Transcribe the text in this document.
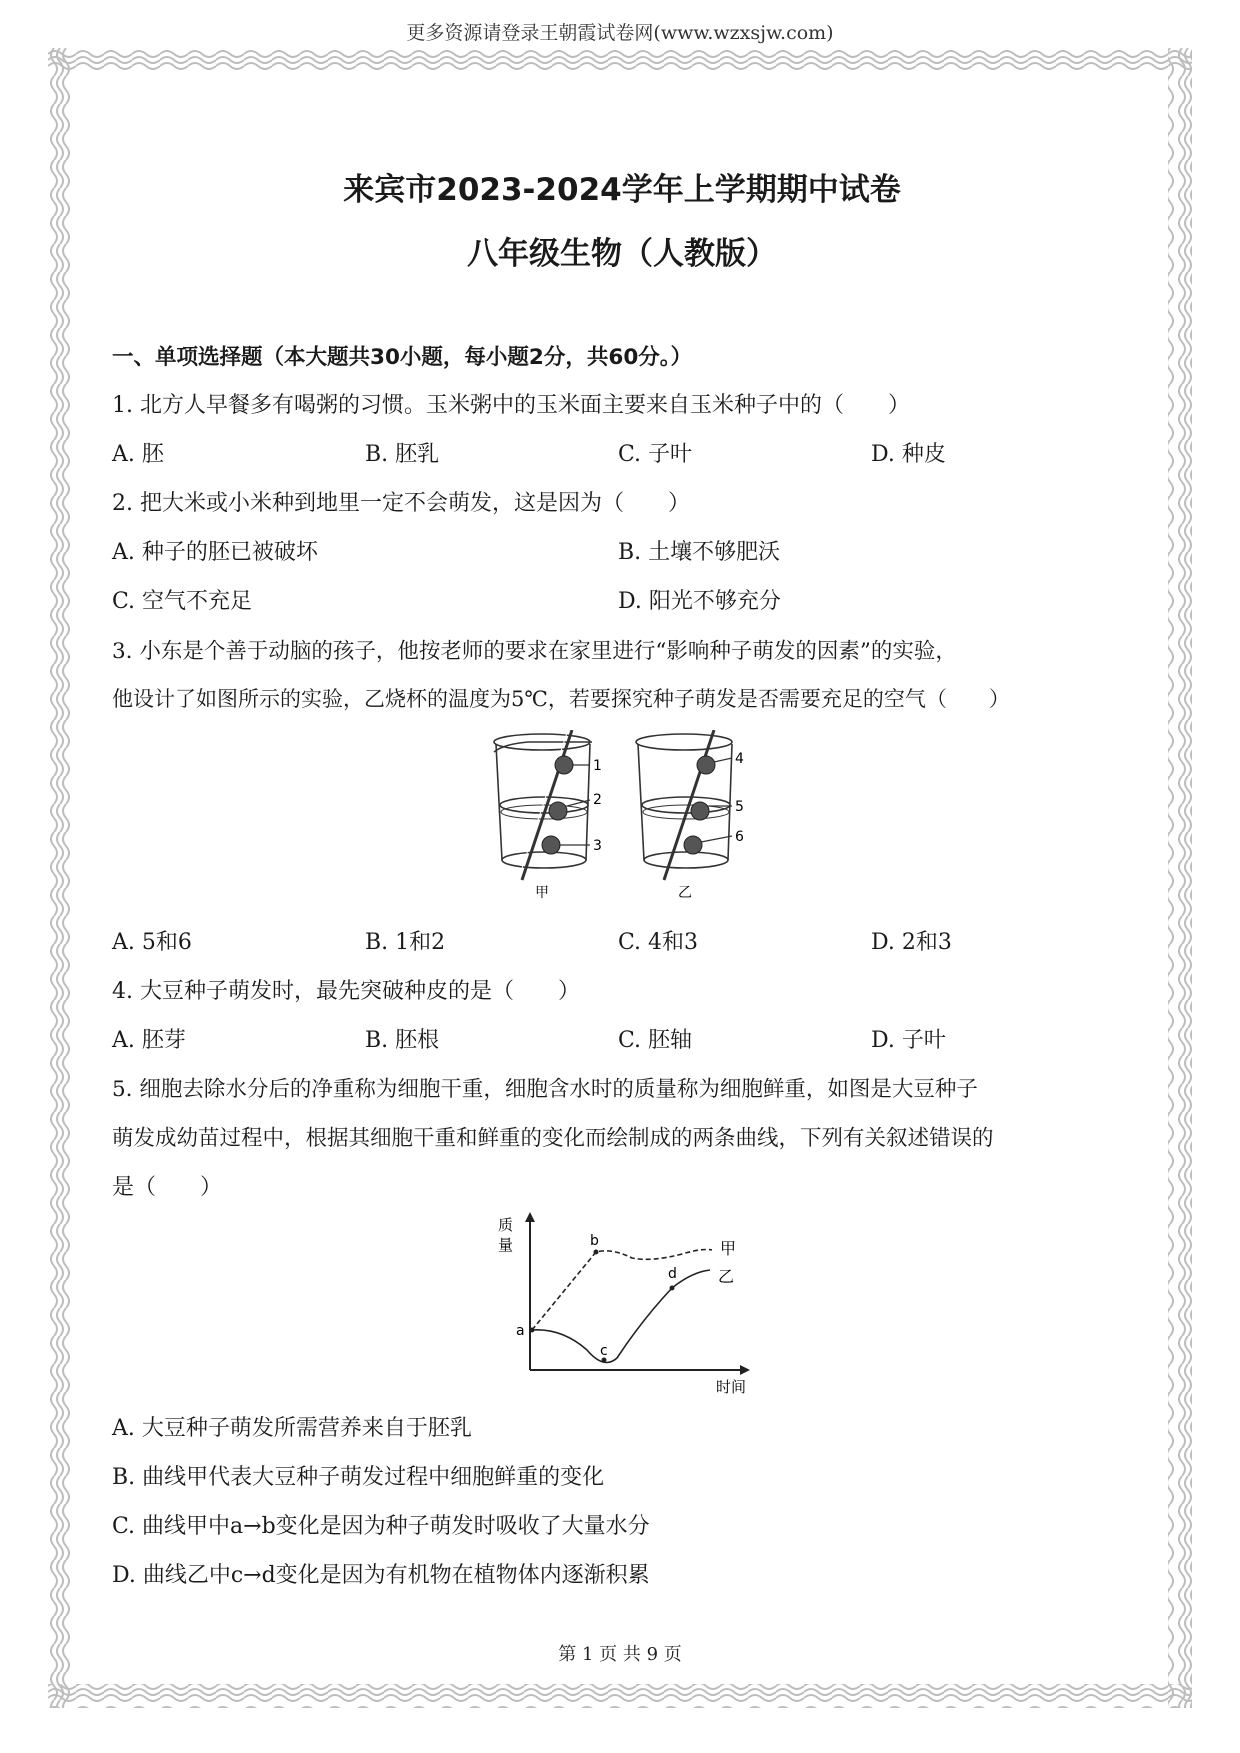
更多资源请登录王朝霞试卷网(www.wzxsjw.com)
来宾市2023-2024学年上学期期中试卷
八年级生物（人教版）
一、单项选择题（本大题共30小题，每小题2分，共60分。）
1. 北方人早餐多有喝粥的习惯。玉米粥中的玉米面主要来自玉米种子中的（　　）
A. 胚	B. 胚乳	C. 子叶	D. 种皮
2. 把大米或小米种到地里一定不会萌发，这是因为（　　）
A. 种子的胚已被破坏	B. 土壤不够肥沃
C. 空气不充足	D. 阳光不够充分
3. 小东是个善于动脑的孩子，他按老师的要求在家里进行“影响种子萌发的因素”的实验，
他设计了如图所示的实验，乙烧杯的温度为5℃，若要探究种子萌发是否需要充足的空气（　　）
1
2
3
甲
4
5
6
乙
A. 5和6	B. 1和2	C. 4和3	D. 2和3
4. 大豆种子萌发时，最先突破种皮的是（　　）
A. 胚芽	B. 胚根	C. 胚轴	D. 子叶
5. 细胞去除水分后的净重称为细胞干重，细胞含水时的质量称为细胞鲜重，如图是大豆种子
萌发成幼苗过程中，根据其细胞干重和鲜重的变化而绘制成的两条曲线，下列有关叙述错误的
是（　　）
质
量
时间
a
b
c
d
甲
乙
A. 大豆种子萌发所需营养来自于胚乳
B. 曲线甲代表大豆种子萌发过程中细胞鲜重的变化
C. 曲线甲中a→b变化是因为种子萌发时吸收了大量水分
D. 曲线乙中c→d变化是因为有机物在植物体内逐渐积累
第 1 页 共 9 页
